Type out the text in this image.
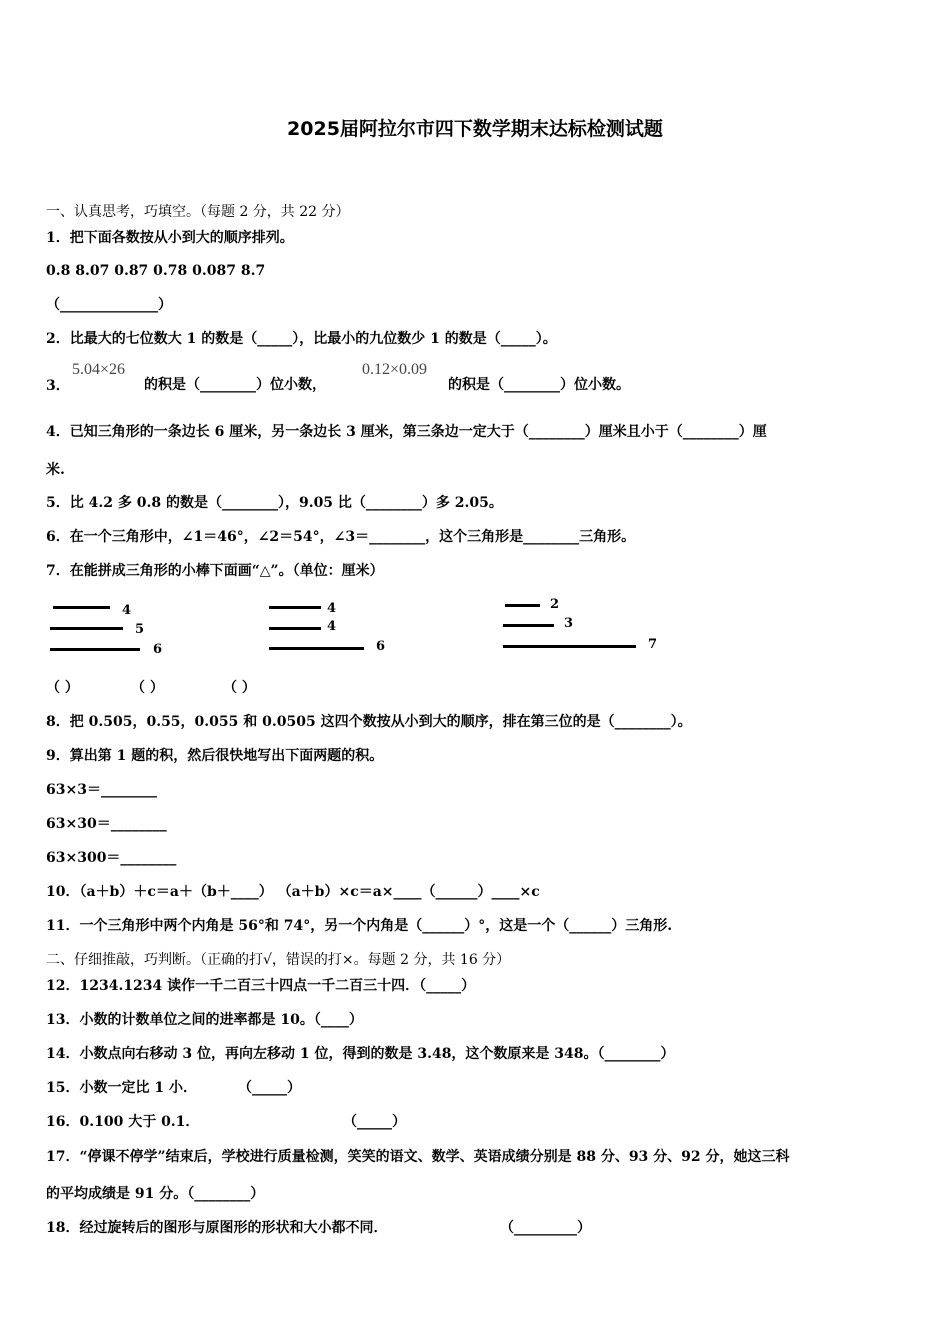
2025届阿拉尔市四下数学期末达标检测试题
一、认真思考，巧填空。（每题 2 分，共 22 分）
1．把下面各数按从小到大的顺序排列。
0.8 8.07 0.87 0.78 0.087 8.7
（______________）
2．比最大的七位数大 1 的数是（_____），比最小的九位数少 1 的数是（_____）。
3．
5.04×26
的积是（________）位小数，
0.12×0.09
的积是（________）位小数。
4．已知三角形的一条边长 6 厘米，另一条边长 3 厘米，第三条边一定大于（________）厘米且小于（________）厘
米.
5．比 4.2 多 0.8 的数是（________），9.05 比（________）多 2.05。
6．在一个三角形中，∠1＝46°，∠2＝54°，∠3＝________，这个三角形是________三角形。
7．在能拼成三角形的小棒下面画“△”。（单位：厘米）
4
5
6
4
4
6
2
3
7
（ ）	（ ）	（ ）
8．把 0.505，0.55，0.055 和 0.0505 这四个数按从小到大的顺序，排在第三位的是（________）。
9．算出第 1 题的积，然后很快地写出下面两题的积。
63×3＝________
63×30＝________
63×300＝________
10．（a＋b）＋c＝a＋（b＋____） （a＋b）×c＝a×____（______）____×c
11．一个三角形中两个内角是 56°和 74°，另一个内角是（______）°，这是一个（______）三角形.
二、仔细推敲，巧判断。（正确的打√，错误的打×。每题 2 分，共 16 分）
12．1234.1234 读作一千二百三十四点一千二百三十四．（_____）
13．小数的计数单位之间的进率都是 10。（____）
14．小数点向右移动 3 位，再向左移动 1 位，得到的数是 3.48，这个数原来是 348。（________）
15．小数一定比 1 小．	（_____）
16．0.100 大于 0.1．	（_____）
17．“停课不停学”结束后，学校进行质量检测，笑笑的语文、数学、英语成绩分别是 88 分、93 分、92 分，她这三科
的平均成绩是 91 分。（________）
18．经过旋转后的图形与原图形的形状和大小都不同．	（_________）
